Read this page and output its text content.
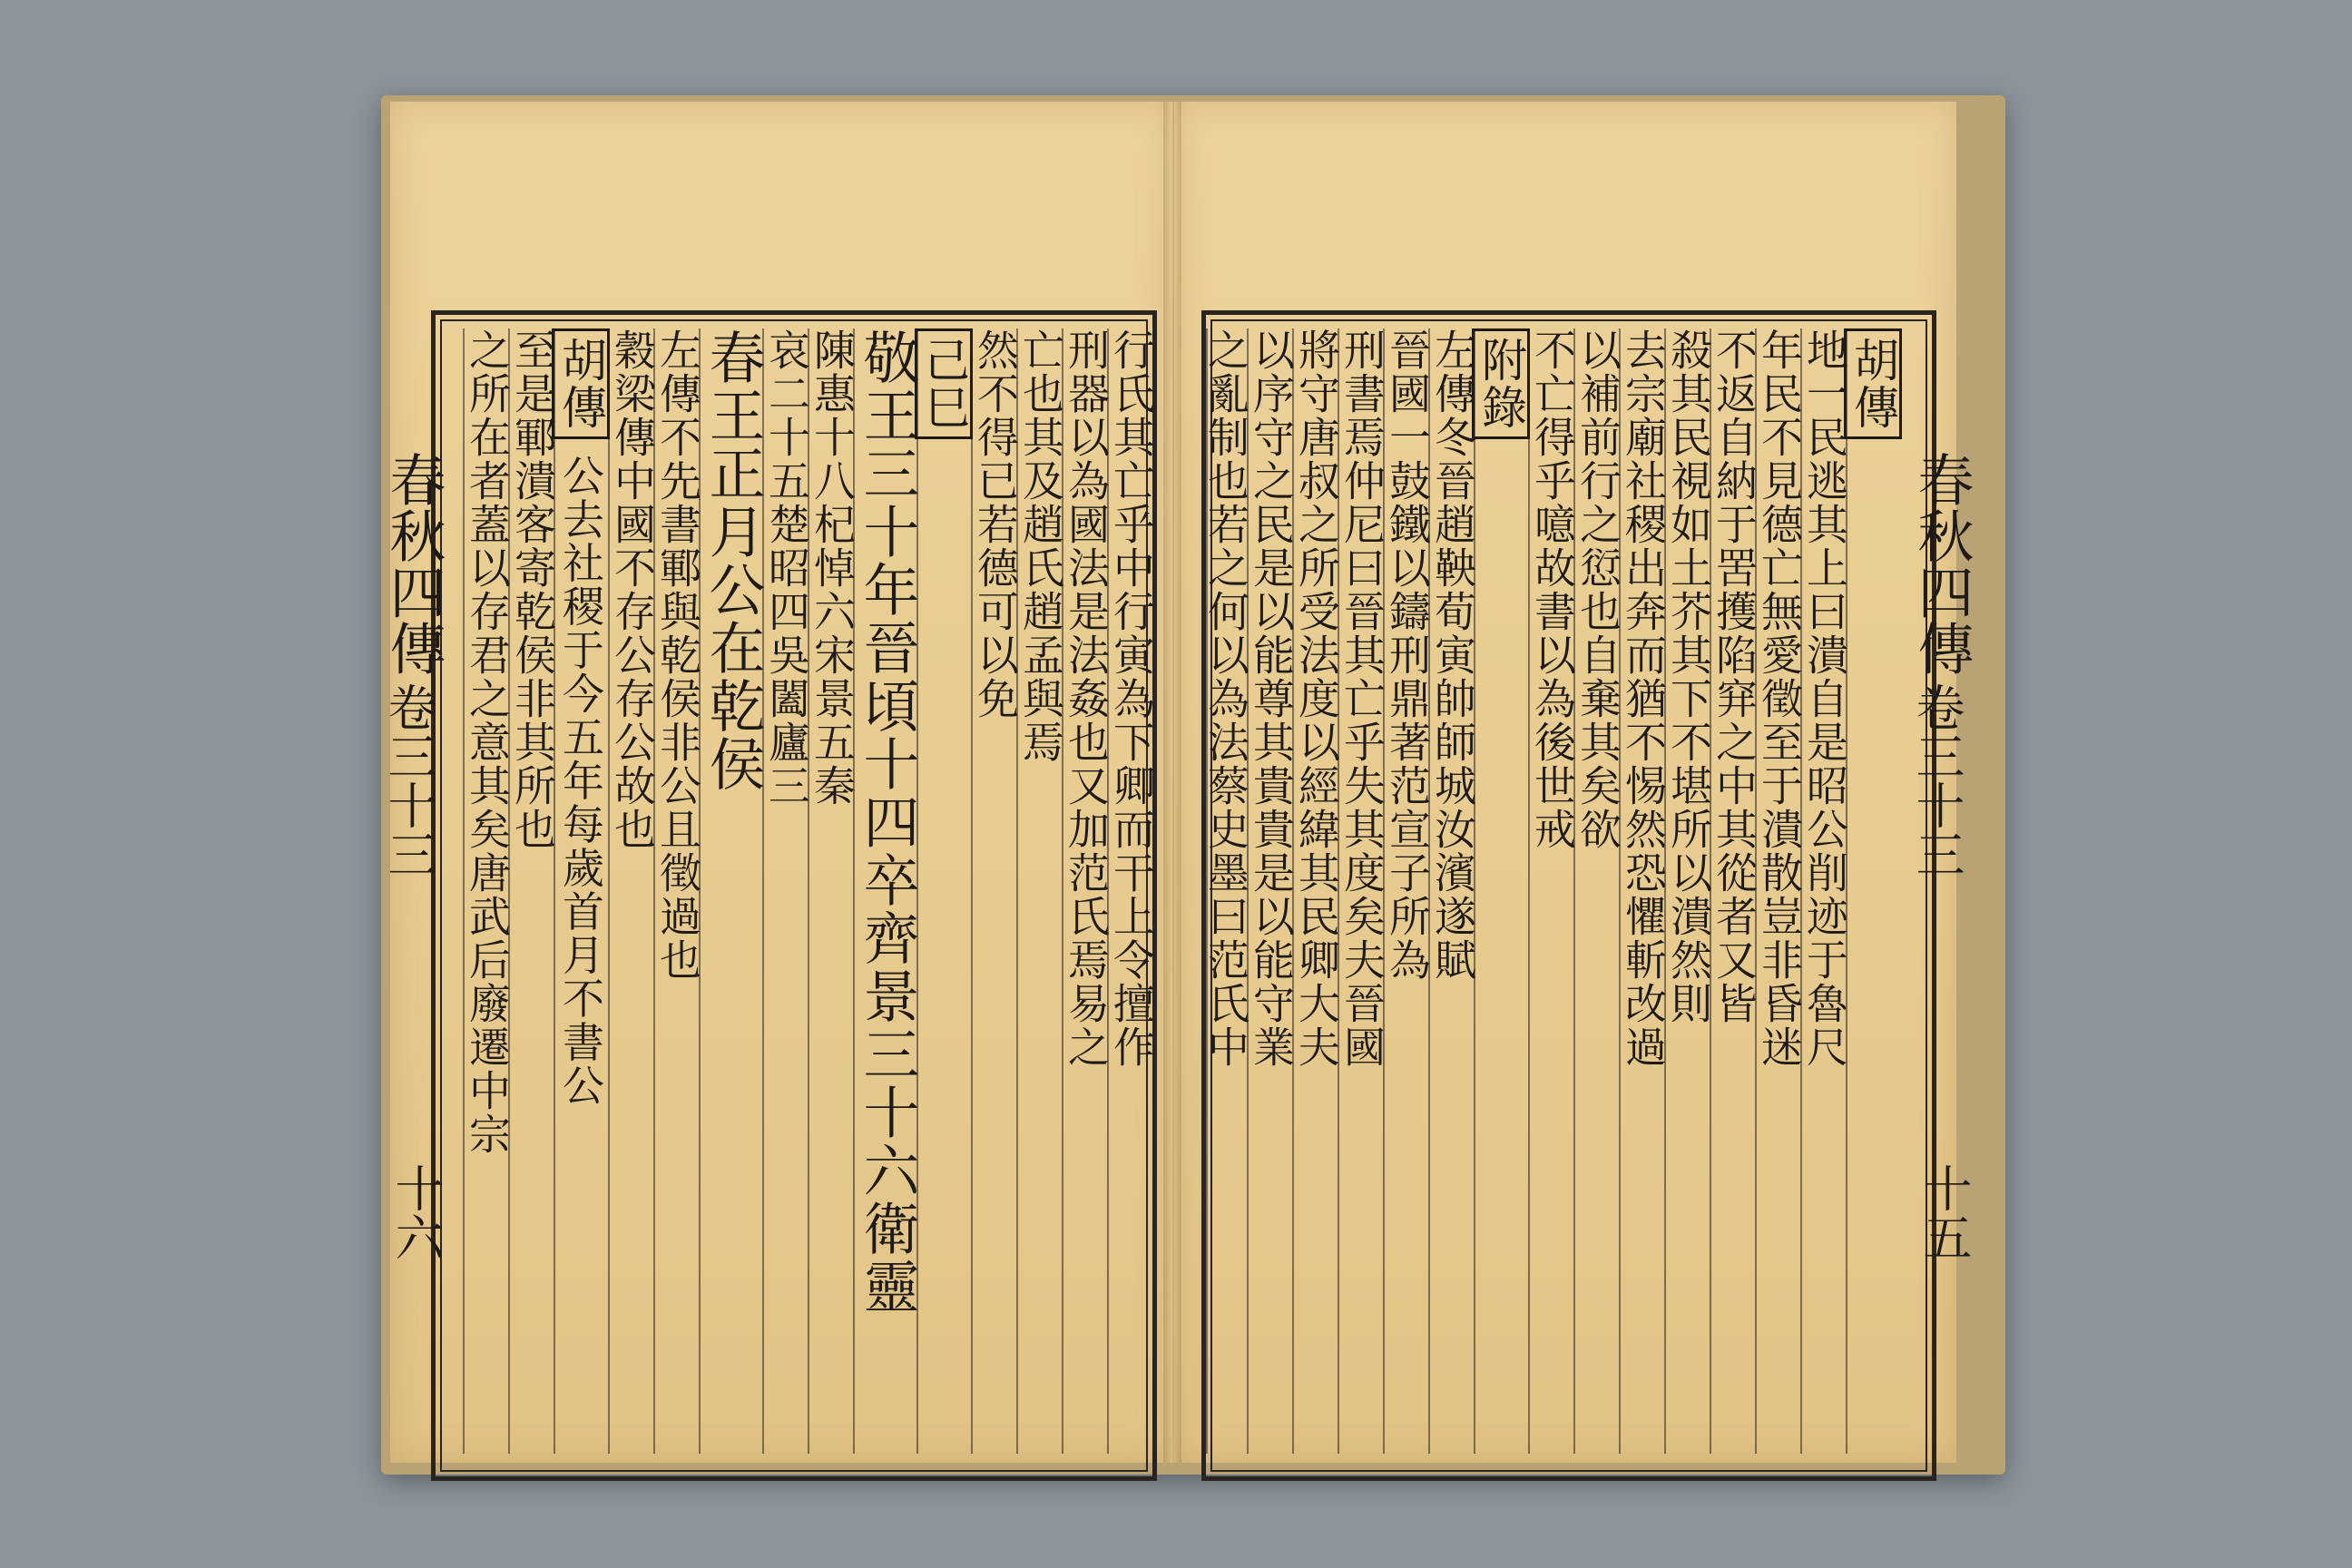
春秋四傳
卷三十三
十六
行氏其亡乎中行寅為下卿而干上令擅作
刑器以為國法是法姦也又加范氏焉易之
亡也其及趙氏趙孟與焉
然不得已若德可以免
己巳
敬王三十年晉頃十四卒齊景三十六衛靈
陳惠十八杞悼六宋景五秦
哀二十五楚昭四吳闔廬三
春王正月公在乾侯
左傳不先書鄆與乾侯非公且徵過也
穀梁傳中國不存公存公故也
胡傳 公去社稷于今五年每歲首月不書公
至是鄆潰客寄乾侯非其所也
之所在者蓋以存君之意其矣唐武后廢遷中宗	春秋四傳
卷三十三
十五
胡傳
地一民逃其上曰潰自是昭公削迹于魯尺
年民不見德亡無愛徵至于潰散豈非昏迷
不返自納于罟擭陷穽之中其從者又皆
殺其民視如土芥其下不堪所以潰然則
去宗廟社稷出奔而猶不惕然恐懼斬改過
以補前行之愆也自棄其矣欲
不亡得乎噫故書以為後世戒
附錄
左傳冬晉趙鞅荀寅帥師城汝濱遂賦
晉國一鼓鐵以鑄刑鼎著范宣子所為
刑書焉仲尼曰晉其亡乎失其度矣夫晉國
將守唐叔之所受法度以經緯其民卿大夫
以序守之民是以能尊其貴貴是以能守業
之亂制也若之何以為法蔡史墨曰范氏中
